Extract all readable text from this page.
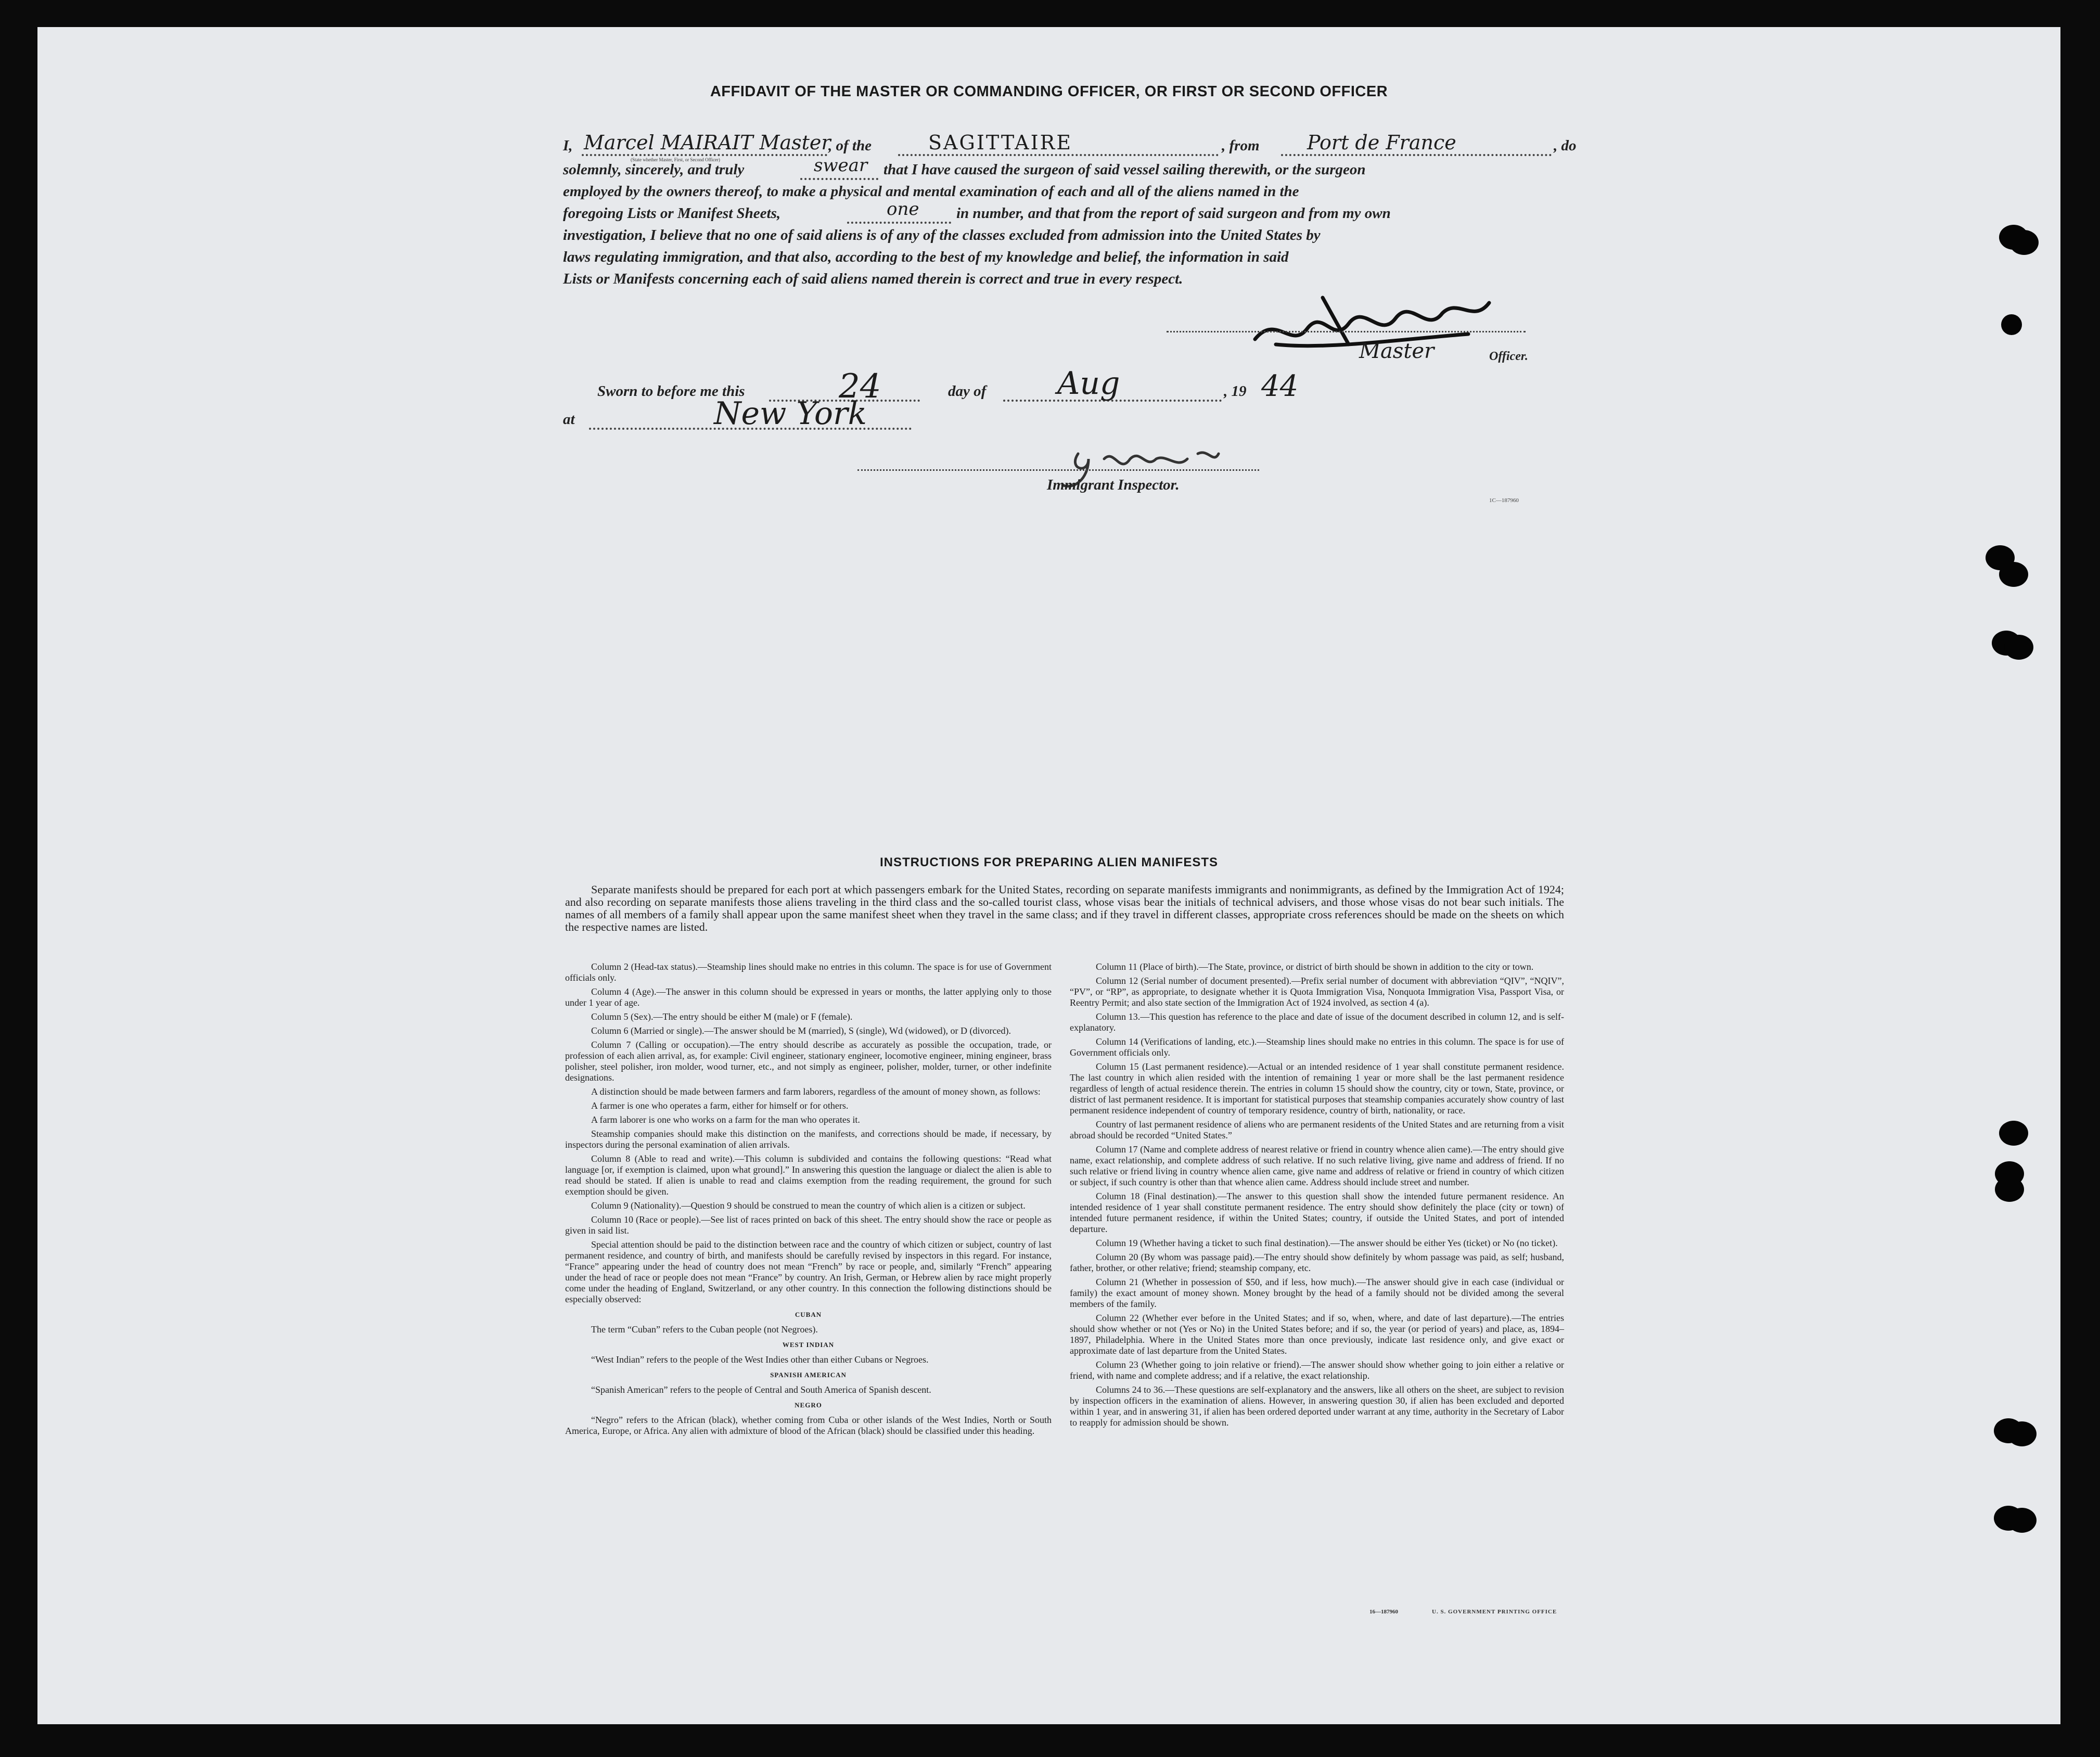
AFFIDAVIT OF THE MASTER OR COMMANDING OFFICER, OR FIRST OR SECOND OFFICER
I, Marcel MAIRAIT Master
(State whether Master, First, or Second Officer)
, of the	SAGITTAIRE	, from Port de France	, do
solemnly, sincerely, and truly	swear that I have caused the surgeon of said vessel sailing therewith, or the surgeon
employed by the owners thereof, to make a physical and mental examination of each and all of the aliens named in the
foregoing Lists or Manifest Sheets,	one in number, and that from the report of said surgeon and from my own
investigation, I believe that no one of said aliens is of any of the classes excluded from admission into the United States by
laws regulating immigration, and that also, according to the best of my knowledge and belief, the information in said
Lists or Manifests concerning each of said aliens named therein is correct and true in every respect.
Master	Officer.
Sworn to before me this	24	day of Aug	, 19 44
at	New York
Immigrant Inspector.
1C—187960
INSTRUCTIONS FOR PREPARING ALIEN MANIFESTS
Separate manifests should be prepared for each port at which passengers embark for the United States, recording on separate manifests immigrants and nonimmigrants, as defined by the Immigration Act of 1924; and also recording on separate manifests those aliens traveling in the third class and the so-called tourist class, whose visas bear the initials of technical advisers, and those whose visas do not bear such initials. The names of all members of a family shall appear upon the same manifest sheet when they travel in the same class; and if they travel in different classes, appropriate cross references should be made on the sheets on which the respective names are listed.

Column 2 (Head-tax status).—Steamship lines should make no entries in this column. The space is for use of Government officials only.

Column 4 (Age).—The answer in this column should be expressed in years or months, the latter applying only to those under 1 year of age.

Column 5 (Sex).—The entry should be either M (male) or F (female).

Column 6 (Married or single).—The answer should be M (married), S (single), Wd (widowed), or D (divorced).

Column 7 (Calling or occupation).—The entry should describe as accurately as possible the occupation, trade, or profession of each alien arrival, as, for example: Civil engineer, stationary engineer, locomotive engineer, mining engineer, brass polisher, steel polisher, iron molder, wood turner, etc., and not simply as engineer, polisher, molder, turner, or other indefinite designations.

A distinction should be made between farmers and farm laborers, regardless of the amount of money shown, as follows:

A farmer is one who operates a farm, either for himself or for others.

A farm laborer is one who works on a farm for the man who operates it.

Steamship companies should make this distinction on the manifests, and corrections should be made, if necessary, by inspectors during the personal examination of alien arrivals.

Column 8 (Able to read and write).—This column is subdivided and contains the following questions: “Read what language [or, if exemption is claimed, upon what ground].” In answering this question the language or dialect the alien is able to read should be stated. If alien is unable to read and claims exemption from the reading requirement, the ground for such exemption should be given.

Column 9 (Nationality).—Question 9 should be construed to mean the country of which alien is a citizen or subject.

Column 10 (Race or people).—See list of races printed on back of this sheet. The entry should show the race or people as given in said list.

Special attention should be paid to the distinction between race and the country of which citizen or subject, country of last permanent residence, and country of birth, and manifests should be carefully revised by inspectors in this regard. For instance, “France” appearing under the head of country does not mean “French” by race or people, and, similarly “French” appearing under the head of race or people does not mean “France” by country. An Irish, German, or Hebrew alien by race might properly come under the heading of England, Switzerland, or any other country. In this connection the following distinctions should be especially observed:

CUBAN

The term “Cuban” refers to the Cuban people (not Negroes).

WEST INDIAN

“West Indian” refers to the people of the West Indies other than either Cubans or Negroes.

SPANISH AMERICAN

“Spanish American” refers to the people of Central and South America of Spanish descent.

NEGRO

“Negro” refers to the African (black), whether coming from Cuba or other islands of the West Indies, North or South America, Europe, or Africa. Any alien with admixture of blood of the African (black) should be classified under this heading.

Column 11 (Place of birth).—The State, province, or district of birth should be shown in addition to the city or town.

Column 12 (Serial number of document presented).—Prefix serial number of document with abbreviation “QIV”, “NQIV”, “PV”, or “RP”, as appropriate, to designate whether it is Quota Immigration Visa, Nonquota Immigration Visa, Passport Visa, or Reentry Permit; and also state section of the Immigration Act of 1924 involved, as section 4 (a).

Column 13.—This question has reference to the place and date of issue of the document described in column 12, and is self-explanatory.

Column 14 (Verifications of landing, etc.).—Steamship lines should make no entries in this column. The space is for use of Government officials only.

Column 15 (Last permanent residence).—Actual or an intended residence of 1 year shall constitute permanent residence. The last country in which alien resided with the intention of remaining 1 year or more shall be the last permanent residence regardless of length of actual residence therein. The entries in column 15 should show the country, city or town, State, province, or district of last permanent residence. It is important for statistical purposes that steamship companies accurately show country of last permanent residence independent of country of temporary residence, country of birth, nationality, or race.

Country of last permanent residence of aliens who are permanent residents of the United States and are returning from a visit abroad should be recorded “United States.”

Column 17 (Name and complete address of nearest relative or friend in country whence alien came).—The entry should give name, exact relationship, and complete address of such relative. If no such relative living, give name and address of friend. If no such relative or friend living in country whence alien came, give name and address of relative or friend in country of which citizen or subject, if such country is other than that whence alien came. Address should include street and number.

Column 18 (Final destination).—The answer to this question shall show the intended future permanent residence. An intended residence of 1 year shall constitute permanent residence. The entry should show definitely the place (city or town) of intended future permanent residence, if within the United States; country, if outside the United States, and port of intended departure.

Column 19 (Whether having a ticket to such final destination).—The answer should be either Yes (ticket) or No (no ticket).

Column 20 (By whom was passage paid).—The entry should show definitely by whom passage was paid, as self; husband, father, brother, or other relative; friend; steamship company, etc.

Column 21 (Whether in possession of $50, and if less, how much).—The answer should give in each case (individual or family) the exact amount of money shown. Money brought by the head of a family should not be divided among the several members of the family.

Column 22 (Whether ever before in the United States; and if so, when, where, and date of last departure).—The entries should show whether or not (Yes or No) in the United States before; and if so, the year (or period of years) and place, as, 1894–1897, Philadelphia. Where in the United States more than once previously, indicate last residence only, and give exact or approximate date of last departure from the United States.

Column 23 (Whether going to join relative or friend).—The answer should show whether going to join either a relative or friend, with name and complete address; and if a relative, the exact relationship.

Columns 24 to 36.—These questions are self-explanatory and the answers, like all others on the sheet, are subject to revision by inspection officers in the examination of aliens. However, in answering question 30, if alien has been excluded and deported within 1 year, and in answering 31, if alien has been ordered deported under warrant at any time, authority in the Secretary of Labor to reapply for admission should be shown.

16—187960	U. S. GOVERNMENT PRINTING OFFICE
